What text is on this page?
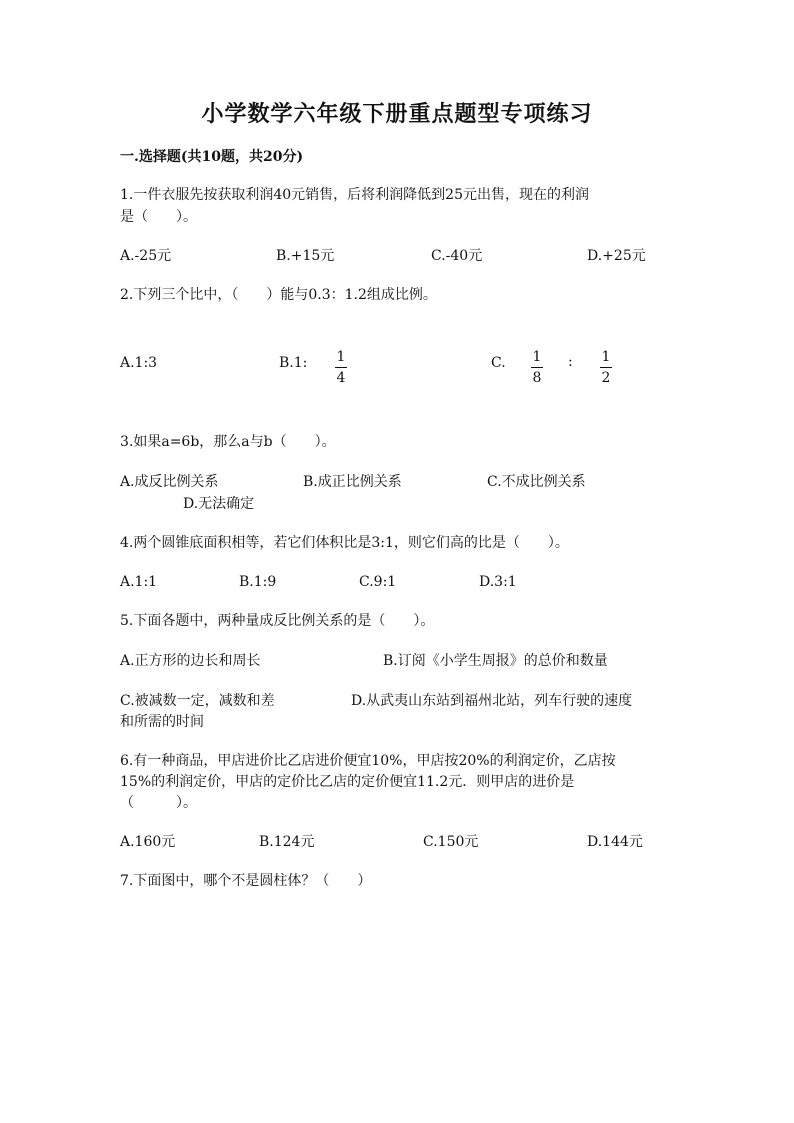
小学数学六年级下册重点题型专项练习
一.选择题(共10题，共20分)
1.一件衣服先按获取利润40元销售，后将利润降低到25元出售，现在的利润
是（　　）。
A.-25元	B.+15元	C.-40元	D.+25元
2.下列三个比中，（　　）能与0.3：1.2组成比例。
A.1:3	B.1: 1
4
C. 1
8
: 1
2
3.如果a=6b，那么a与b（　　）。
A.成反比例关系	B.成正比例关系	C.不成比例关系
D.无法确定
4.两个圆锥底面积相等，若它们体积比是3:1，则它们高的比是（　　）。
A.1:1	B.1:9	C.9:1	D.3:1
5.下面各题中，两种量成反比例关系的是（　　）。
A.正方形的边长和周长	B.订阅《小学生周报》的总价和数量
C.被减数一定，减数和差	D.从武夷山东站到福州北站，列车行驶的速度
和所需的时间
6.有一种商品，甲店进价比乙店进价便宜10%，甲店按20%的利润定价，乙店按
15%的利润定价，甲店的定价比乙店的定价便宜11.2元．则甲店的进价是
（　　　）。
A.160元	B.124元	C.150元	D.144元
7.下面图中，哪个不是圆柱体？（　　）
